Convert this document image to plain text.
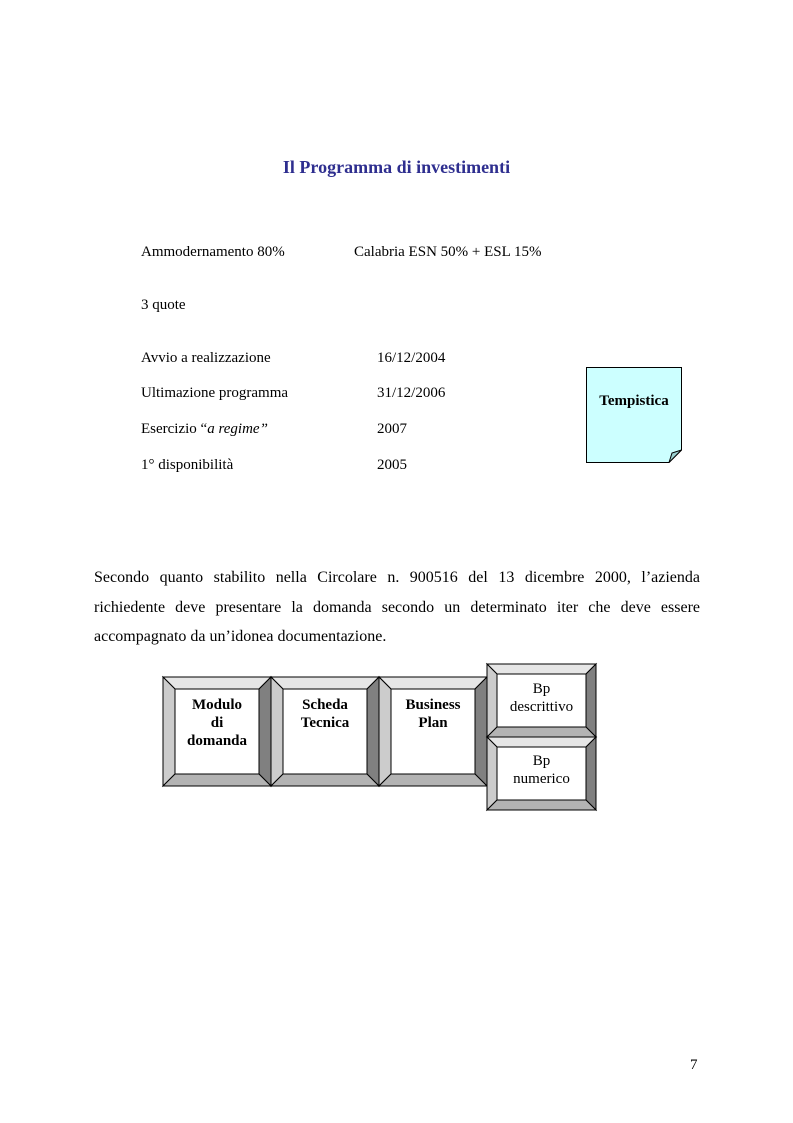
Il Programma di investimenti
Ammodernamento 80%	Calabria ESN 50% + ESL 15%
3 quote
Avvio a realizzazione	16/12/2004
Ultimazione programma	31/12/2006
Esercizio “a regime”	2007
1° disponibilità	2005
Tempistica
Secondo quanto stabilito nella Circolare n. 900516 del 13 dicembre 2000, l’azienda
richiedente deve presentare la domanda secondo un determinato iter che deve essere
accompagnato da un’idonea documentazione.
Modulo
di
domanda
Scheda
Tecnica
Business
Plan
Bp
descrittivo
Bp
numerico
7
